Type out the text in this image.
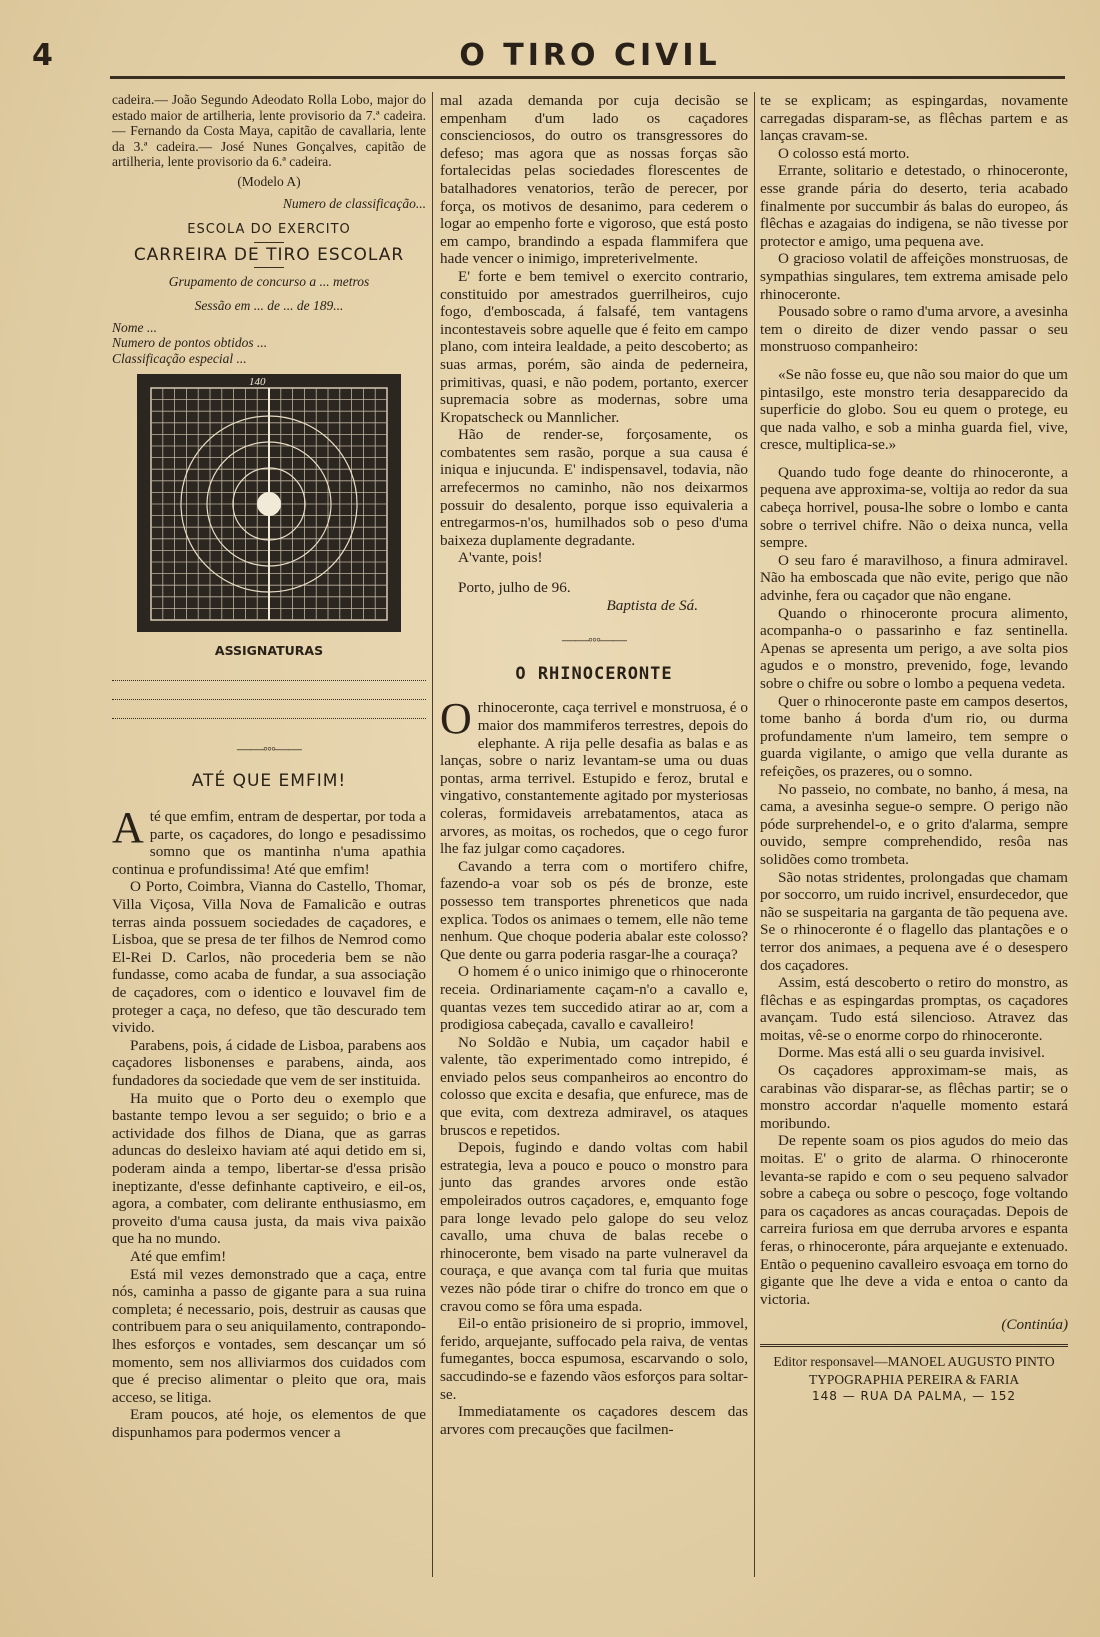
4	O TIRO CIVIL

cadeira.— João Segundo Adeodato Rolla Lobo, major do estado maior de artilheria, lente provisorio da 7.ª cadeira.— Fernando da Costa Maya, capitão de cavallaria, lente da 3.ª cadeira.— José Nunes Gonçalves, capitão de artilheria, lente provisorio da 6.ª cadeira.

(Modelo A)

Numero de classificação...

ESCOLA DO EXERCITO

CARREIRA DE TIRO ESCOLAR

Grupamento de concurso a ... metros

Sessão em ... de ... de 189...

Nome ...

Numero de pontos obtidos ...

Classificação especial ...

140

ASSIGNATURAS

——◦◦◦——

ATÉ QUE EMFIM!

A té que emfim, entram de despertar, por toda a parte, os caçadores, do longo e pesadissimo somno que os mantinha n'uma apathia continua e profundissima! Até que emfim!

O Porto, Coimbra, Vianna do Castello, Thomar, Villa Viçosa, Villa Nova de Famalicão e outras terras ainda possuem sociedades de caçadores, e Lisboa, que se presa de ter filhos de Nemrod como El-Rei D. Carlos, não procederia bem se não fundasse, como acaba de fundar, a sua associação de caçadores, com o identico e louvavel fim de proteger a caça, no defeso, que tão descurado tem vivido.

Parabens, pois, á cidade de Lisboa, parabens aos caçadores lisbonenses e parabens, ainda, aos fundadores da sociedade que vem de ser instituida.

Ha muito que o Porto deu o exemplo que bastante tempo levou a ser seguido; o brio e a actividade dos filhos de Diana, que as garras aduncas do desleixo haviam até aqui detido em si, poderam ainda a tempo, libertar-se d'essa prisão ineptizante, d'esse definhante captiveiro, e eil-os, agora, a combater, com delirante enthusiasmo, em proveito d'uma causa justa, da mais viva paixão que ha no mundo.

Até que emfim!

Está mil vezes demonstrado que a caça, entre nós, caminha a passo de gigante para a sua ruina completa; é necessario, pois, destruir as causas que contribuem para o seu aniquilamento, contrapondo-lhes esforços e vontades, sem descançar um só momento, sem nos alliviarmos dos cuidados com que é preciso alimentar o pleito que ora, mais acceso, se litiga.

Eram poucos, até hoje, os elementos de que dispunhamos para podermos vencer a

mal azada demanda por cuja decisão se empenham d'um lado os caçadores conscienciosos, do outro os transgressores do defeso; mas agora que as nossas forças são fortalecidas pelas sociedades florescentes de batalhadores venatorios, terão de perecer, por força, os motivos de desanimo, para cederem o logar ao empenho forte e vigoroso, que está posto em campo, brandindo a espada flammifera que hade vencer o inimigo, impreterivelmente.

E' forte e bem temivel o exercito contrario, constituido por amestrados guerrilheiros, cujo fogo, d'emboscada, á falsafé, tem vantagens incontestaveis sobre aquelle que é feito em campo plano, com inteira lealdade, a peito descoberto; as suas armas, porém, são ainda de pederneira, primitivas, quasi, e não podem, portanto, exercer supremacia sobre as modernas, sobre uma Kropatscheck ou Mannlicher.

Hão de render-se, forçosamente, os combatentes sem rasão, porque a sua causa é iniqua e injucunda. E' indispensavel, todavia, não arrefecermos no caminho, não nos deixarmos possuir do desalento, porque isso equivaleria a entregarmos-n'os, humilhados sob o peso d'uma baixeza duplamente degradante.

A'vante, pois!

Porto, julho de 96.

Baptista de Sá.

——◦◦◦——

O RHINOCERONTE

O rhinoceronte, caça terrivel e monstruosa, é o maior dos mammiferos terrestres, depois do elephante. A rija pelle desafia as balas e as lanças, sobre o nariz levantam-se uma ou duas pontas, arma terrivel. Estupido e feroz, brutal e vingativo, constantemente agitado por mysteriosas coleras, formidaveis arrebatamentos, ataca as arvores, as moitas, os rochedos, que o cego furor lhe faz julgar como caçadores.

Cavando a terra com o mortifero chifre, fazendo-a voar sob os pés de bronze, este possesso tem transportes phreneticos que nada explica. Todos os animaes o temem, elle não teme nenhum. Que choque poderia abalar este colosso? Que dente ou garra poderia rasgar-lhe a couraça?

O homem é o unico inimigo que o rhinoceronte receia. Ordinariamente caçam-n'o a cavallo e, quantas vezes tem succedido atirar ao ar, com a prodigiosa cabeçada, cavallo e cavalleiro!

No Soldão e Nubia, um caçador habil e valente, tão experimentado como intrepido, é enviado pelos seus companheiros ao encontro do colosso que excita e desafia, que enfurece, mas de que evita, com dextreza admiravel, os ataques bruscos e repetidos.

Depois, fugindo e dando voltas com habil estrategia, leva a pouco e pouco o monstro para junto das grandes arvores onde estão empoleirados outros caçadores, e, emquanto foge para longe levado pelo galope do seu veloz cavallo, uma chuva de balas recebe o rhinoceronte, bem visado na parte vulneravel da couraça, e que avança com tal furia que muitas vezes não póde tirar o chifre do tronco em que o cravou como se fôra uma espada.

Eil-o então prisioneiro de si proprio, immovel, ferido, arquejante, suffocado pela raiva, de ventas fumegantes, bocca espumosa, escarvando o solo, saccudindo-se e fazendo vãos esforços para soltar-se.

Immediatamente os caçadores descem das arvores com precauções que facilmen-

te se explicam; as espingardas, novamente carregadas disparam-se, as flêchas partem e as lanças cravam-se.

O colosso está morto.

Errante, solitario e detestado, o rhinoceronte, esse grande pária do deserto, teria acabado finalmente por succumbir ás balas do europeo, ás flêchas e azagaias do indigena, se não tivesse por protector e amigo, uma pequena ave.

O gracioso volatil de affeições monstruosas, de sympathias singulares, tem extrema amisade pelo rhinoceronte.

Pousado sobre o ramo d'uma arvore, a avesinha tem o direito de dizer vendo passar o seu monstruoso companheiro:

«Se não fosse eu, que não sou maior do que um pintasilgo, este monstro teria desapparecido da superficie do globo. Sou eu quem o protege, eu que nada valho, e sob a minha guarda fiel, vive, cresce, multiplica-se.»

Quando tudo foge deante do rhinoceronte, a pequena ave approxima-se, voltija ao redor da sua cabeça horrivel, pousa-lhe sobre o lombo e canta sobre o terrivel chifre. Não o deixa nunca, vella sempre.

O seu faro é maravilhoso, a finura admiravel. Não ha emboscada que não evite, perigo que não advinhe, fera ou caçador que não engane.

Quando o rhinoceronte procura alimento, acompanha-o o passarinho e faz sentinella. Apenas se apresenta um perigo, a ave solta pios agudos e o monstro, prevenido, foge, levando sobre o chifre ou sobre o lombo a pequena vedeta.

Quer o rhinoceronte paste em campos desertos, tome banho á borda d'um rio, ou durma profundamente n'um lameiro, tem sempre o guarda vigilante, o amigo que vella durante as refeições, os prazeres, ou o somno.

No passeio, no combate, no banho, á mesa, na cama, a avesinha segue-o sempre. O perigo não póde surprehendel-o, e o grito d'alarma, sempre ouvido, sempre comprehendido, resôa nas solidões como trombeta.

São notas stridentes, prolongadas que chamam por soccorro, um ruido incrivel, ensurdecedor, que não se suspeitaria na garganta de tão pequena ave. Se o rhinoceronte é o flagello das plantações e o terror dos animaes, a pequena ave é o desespero dos caçadores.

Assim, está descoberto o retiro do monstro, as flêchas e as espingardas promptas, os caçadores avançam. Tudo está silencioso. Atravez das moitas, vê-se o enorme corpo do rhinoceronte.

Dorme. Mas está alli o seu guarda invisivel.

Os caçadores approximam-se mais, as carabinas vão disparar-se, as flêchas partir; se o monstro accordar n'aquelle momento estará moribundo.

De repente soam os pios agudos do meio das moitas. E' o grito de alarma. O rhinoceronte levanta-se rapido e com o seu pequeno salvador sobre a cabeça ou sobre o pescoço, foge voltando para os caçadores as ancas couraçadas. Depois de carreira furiosa em que derruba arvores e espanta feras, o rhinoceronte, pára arquejante e extenuado. Então o pequenino cavalleiro esvoaça em torno do gigante que lhe deve a vida e entoa o canto da victoria.

(Continúa)

Editor responsavel—MANOEL AUGUSTO PINTO

TYPOGRAPHIA PEREIRA & FARIA

148 — RUA DA PALMA, — 152
